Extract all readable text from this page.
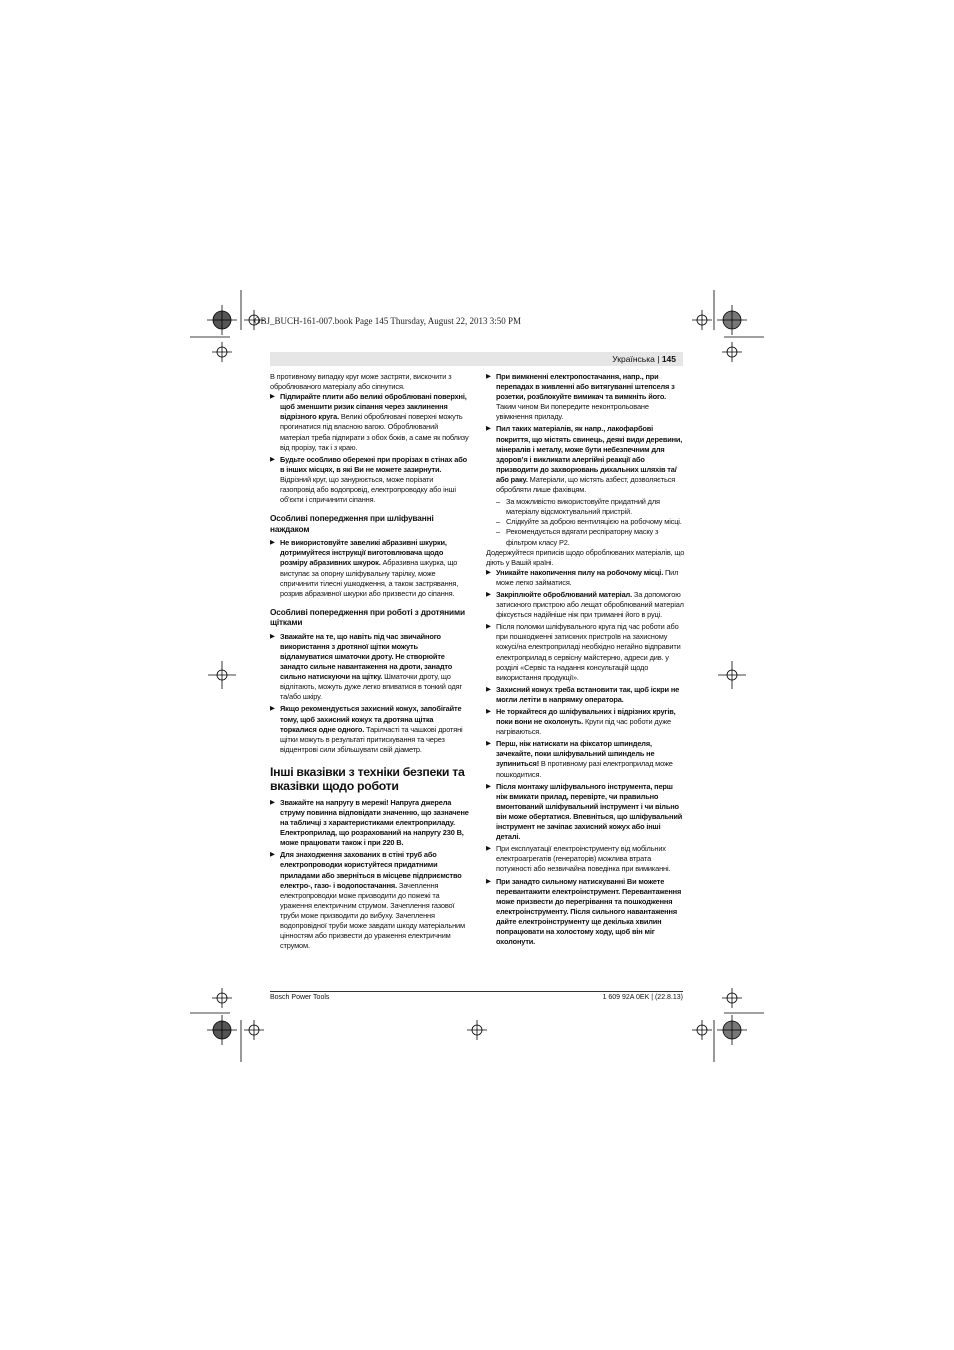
OBJ_BUCH-161-007.book Page 145 Thursday, August 22, 2013 3:50 PM
Українська | 145

В противному випадку круг може застряти, вискочити з оброблюваного матеріалу або сіпнутися.

▶ Підпирайте плити або великі оброблювані поверхні, щоб зменшити ризик сіпання через заклинення відрізного круга. Великі оброблювані поверхні можуть прогинатися під власною вагою. Оброблюваний матеріал треба підпирати з обох боків, а саме як поблизу від прорізу, так і з краю.
▶ Будьте особливо обережні при прорізах в стінах або в інших місцях, в які Ви не можете зазирнути. Відрізний круг, що занурюється, може порізати газопровід або водопровід, електропроводку або інші об’єкти і спричинити сіпання.
Особливі попередження при шліфуванні наждаком
▶ Не використовуйте завеликі абразивні шкурки, дотримуйтеся інструкції виготовлювача щодо розміру абразивних шкурок. Абразивна шкурка, що виступає за опорну шліфувальну тарілку, може спричинити тілесні ушкодження, а також застрявання, розрив абразивної шкурки або призвести до сіпання.
Особливі попередження при роботі з дротяними щітками
▶ Зважайте на те, що навіть під час звичайного використання з дротяної щітки можуть відламуватися шматочки дроту. Не створюйте занадто сильне навантаження на дроти, занадто сильно натискуючи на щітку. Шматочки дроту, що відлітають, можуть дуже легко впиватися в тонкий одяг та/або шкіру.
▶ Якщо рекомендується захисний кожух, запобігайте тому, щоб захисний кожух та дротяна щітка торкалися одне одного. Тарілчасті та чашкові дротяні щітки можуть в результаті притискування та через відцентрові сили збільшувати свій діаметр.
Інші вказівки з техніки безпеки та вказівки щодо роботи
▶ Зважайте на напругу в мережі! Напруга джерела струму повинна відповідати значенню, що зазначене на табличці з характеристиками електроприладу. Електроприлад, що розрахований на напругу 230 В, може працювати також і при 220 В.
▶ Для знаходження захованих в стіні труб або електропроводки користуйтеся придатними приладами або зверніться в місцеве підприємство електро-, газо- і водопостачання. Зачеплення електропроводки може призводити до пожежі та ураження електричним струмом. Зачеплення газової труби може призводити до вибуху. Зачеплення водопровідної труби може завдати шкоду матеріальним цінностям або призвести до ураження електричним струмом.
▶ При вимкненні електропостачання, напр., при перепадах в живленні або витягуванні штепселя з розетки, розблокуйте вимикач та вимкніть його. Таким чином Ви попередите неконтрольоване увімкнення приладу.
▶ Пил таких матеріалів, як напр., лакофарбові покриття, що містять свинець, деякі види деревини, мінералів і металу, може бути небезпечним для здоров’я і викликати алергійні реакції або призводити до захворювань дихальних шляхів та/або раку. Матеріали, що містять азбест, дозволяється обробляти лише фахівцям.
– За можливістю використовуйте придатний для матеріалу відсмоктувальний пристрій.
– Слідкуйте за доброю вентиляцією на робочому місці.
– Рекомендується вдягати респіраторну маску з фільтром класу Р2.

Додержуйтеся приписів щодо оброблюваних матеріалів, що діють у Вашій країні.

▶ Уникайте накопичення пилу на робочому місці. Пил може легко займатися.
▶ Закріплюйте оброблюваний матеріал. За допомогою затискного пристрою або лещат оброблюваний матеріал фіксується надійніше ніж при триманні його в руці.
▶ Після поломки шліфувального круга під час роботи або при пошкодженні затискних пристроїв на захисному кожусі/на електроприладі необхідно негайно відправити електроприлад в сервісну майстерню, адреси див. у розділі «Сервіс та надання консультацій щодо використання продукції».
▶ Захисний кожух треба встановити так, щоб іскри не могли летіти в напрямку оператора.
▶ Не торкайтеся до шліфувальних і відрізних кругів, поки вони не охолонуть. Круги під час роботи дуже нагріваються.
▶ Перш, ніж натискати на фіксатор шпинделя, зачекайте, поки шліфувальний шпиндель не зупиниться! В противному разі електроприлад може пошкодитися.
▶ Після монтажу шліфувального інструмента, перш ніж вмикати прилад, перевірте, чи правильно вмонтований шліфувальний інструмент і чи вільно він може обертатися. Впевніться, що шліфувальний інструмент не зачіпає захисний кожух або інші деталі.
▶ При експлуатації електроінструменту від мобільних електроагрегатів (генераторів) можлива втрата потужності або незвичайна поведінка при вимиканні.
▶ При занадто сильному натискуванні Ви можете перевантажити електроінструмент. Перевантаження може призвести до перегрівання та пошкодження електроінструменту. Після сильного навантаження дайте електроінструменту ще декілька хвилин попрацювати на холостому ходу, щоб він міг охолонути.
Bosch Power Tools	1 609 92A 0EK | (22.8.13)
